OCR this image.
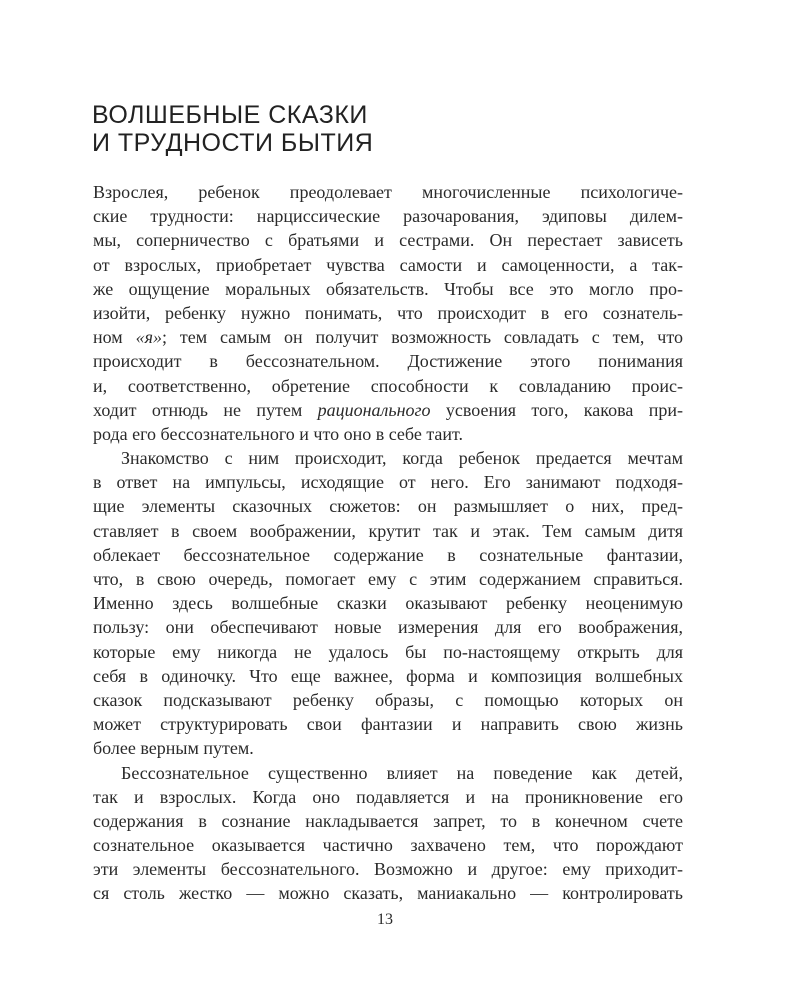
ВОЛШЕБНЫЕ СКАЗКИ
И ТРУДНОСТИ БЫТИЯ
Взрослея, ребенок преодолевает многочисленные психологиче-
ские трудности: нарциссические разочарования, эдиповы дилем-
мы, соперничество с братьями и сестрами. Он перестает зависеть
от взрослых, приобретает чувства самости и самоценности, а так-
же ощущение моральных обязательств. Чтобы все это могло про-
изойти, ребенку нужно понимать, что происходит в его сознатель-
ном «я»; тем самым он получит возможность совладать с тем, что
происходит в бессознательном. Достижение этого понимания
и, соответственно, обретение способности к совладанию проис-
ходит отнюдь не путем рационального усвоения того, какова при-
рода его бессознательного и что оно в себе таит.
Знакомство с ним происходит, когда ребенок предается мечтам
в ответ на импульсы, исходящие от него. Его занимают подходя-
щие элементы сказочных сюжетов: он размышляет о них, пред-
ставляет в своем воображении, крутит так и этак. Тем самым дитя
облекает бессознательное содержание в сознательные фантазии,
что, в свою очередь, помогает ему с этим содержанием справиться.
Именно здесь волшебные сказки оказывают ребенку неоценимую
пользу: они обеспечивают новые измерения для его воображения,
которые ему никогда не удалось бы по-настоящему открыть для
себя в одиночку. Что еще важнее, форма и композиция волшебных
сказок подсказывают ребенку образы, с помощью которых он
может структурировать свои фантазии и направить свою жизнь
более верным путем.
Бессознательное существенно влияет на поведение как детей,
так и взрослых. Когда оно подавляется и на проникновение его
содержания в сознание накладывается запрет, то в конечном счете
сознательное оказывается частично захвачено тем, что порождают
эти элементы бессознательного. Возможно и другое: ему приходит-
ся столь жестко — можно сказать, маниакально — контролировать
13
